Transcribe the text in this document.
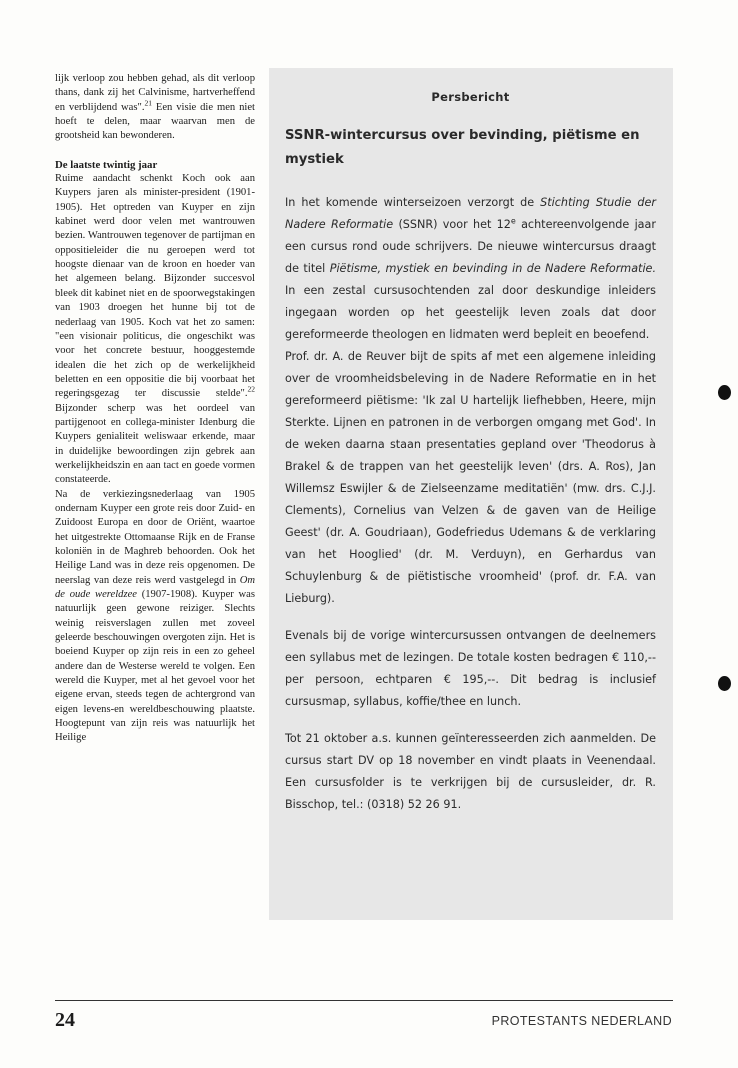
lijk verloop zou hebben gehad, als dit verloop thans, dank zij het Calvinisme, hartverheffend en verblijdend was".$^{21}$ Een visie die men niet hoeft te delen, maar waarvan men de grootsheid kan bewonderen.

De laatste twintig jaar

Ruime aandacht schenkt Koch ook aan Kuypers jaren als minister-president (1901-1905). Het optreden van Kuyper en zijn kabinet werd door velen met wantrouwen bezien. Wantrouwen tegenover de partijman en oppositieleider die nu geroepen werd tot hoogste dienaar van de kroon en hoeder van het algemeen belang. Bijzonder succesvol bleek dit kabinet niet en de spoorwegstakingen van 1903 droegen het hunne bij tot de nederlaag van 1905. Koch vat het zo samen: "een visionair politicus, die ongeschikt was voor het concrete bestuur, hooggestemde idealen die het zich op de werkelijkheid beletten en een oppositie die bij voorbaat het regeringsgezag ter discussie stelde".$^{22}$ Bijzonder scherp was het oordeel van partijgenoot en collega-minister Idenburg die Kuypers genialiteit weliswaar erkende, maar in duidelijke bewoordingen zijn gebrek aan werkelijkheidszin en aan tact en goede vormen constateerde.

Na de verkiezingsnederlaag van 1905 ondernam Kuyper een grote reis door Zuid- en Zuidoost Europa en door de Oriënt, waartoe het uitgestrekte Ottomaanse Rijk en de Franse koloniën in de Maghreb behoorden. Ook het Heilige Land was in deze reis opgenomen. De neerslag van deze reis werd vastgelegd in Om de oude wereldzee (1907-1908). Kuyper was natuurlijk geen gewone reiziger. Slechts weinig reisverslagen zullen met zoveel geleerde beschouwingen overgoten zijn. Het is boeiend Kuyper op zijn reis in een zo geheel andere dan de Westerse wereld te volgen. Een wereld die Kuyper, met al het gevoel voor het eigene ervan, steeds tegen de achtergrond van eigen levens-en wereldbeschouwing plaatste. Hoogtepunt van zijn reis was natuurlijk het Heilige

Persbericht
SSNR-wintercursus over bevinding, piëtisme en mystiek

In het komende winterseizoen verzorgt de Stichting Studie der Nadere Reformatie (SSNR) voor het 12e achtereenvolgende jaar een cursus rond oude schrijvers. De nieuwe wintercursus draagt de titel Piëtisme, mystiek en bevinding in de Nadere Reformatie. In een zestal cursusochtenden zal door deskundige inleiders ingegaan worden op het geestelijk leven zoals dat door gereformeerde theologen en lidmaten werd bepleit en beoefend.

Prof. dr. A. de Reuver bijt de spits af met een algemene inleiding over de vroomheidsbeleving in de Nadere Reformatie en in het gereformeerd piëtisme: 'Ik zal U hartelijk liefhebben, Heere, mijn Sterkte. Lijnen en patronen in de verborgen omgang met God'. In de weken daarna staan presentaties gepland over 'Theodorus à Brakel & de trappen van het geestelijk leven' (drs. A. Ros), Jan Willemsz Eswijler & de Zielseenzame meditatiën' (mw. drs. C.J.J. Clements), Cornelius van Velzen & de gaven van de Heilige Geest' (dr. A. Goudriaan), Godefriedus Udemans & de verklaring van het Hooglied' (dr. M. Verduyn), en Gerhardus van Schuylenburg & de piëtistische vroomheid' (prof. dr. F.A. van Lieburg).

Evenals bij de vorige wintercursussen ontvangen de deelnemers een syllabus met de lezingen. De totale kosten bedragen € 110,-- per persoon, echtparen € 195,--. Dit bedrag is inclusief cursusmap, syllabus, koffie/thee en lunch.

Tot 21 oktober a.s. kunnen geïnteresseerden zich aanmelden. De cursus start DV op 18 november en vindt plaats in Veenendaal. Een cursusfolder is te verkrijgen bij de cursusleider, dr. R. Bisschop, tel.: (0318) 52 26 91.

24	PROTESTANTS NEDERLAND
